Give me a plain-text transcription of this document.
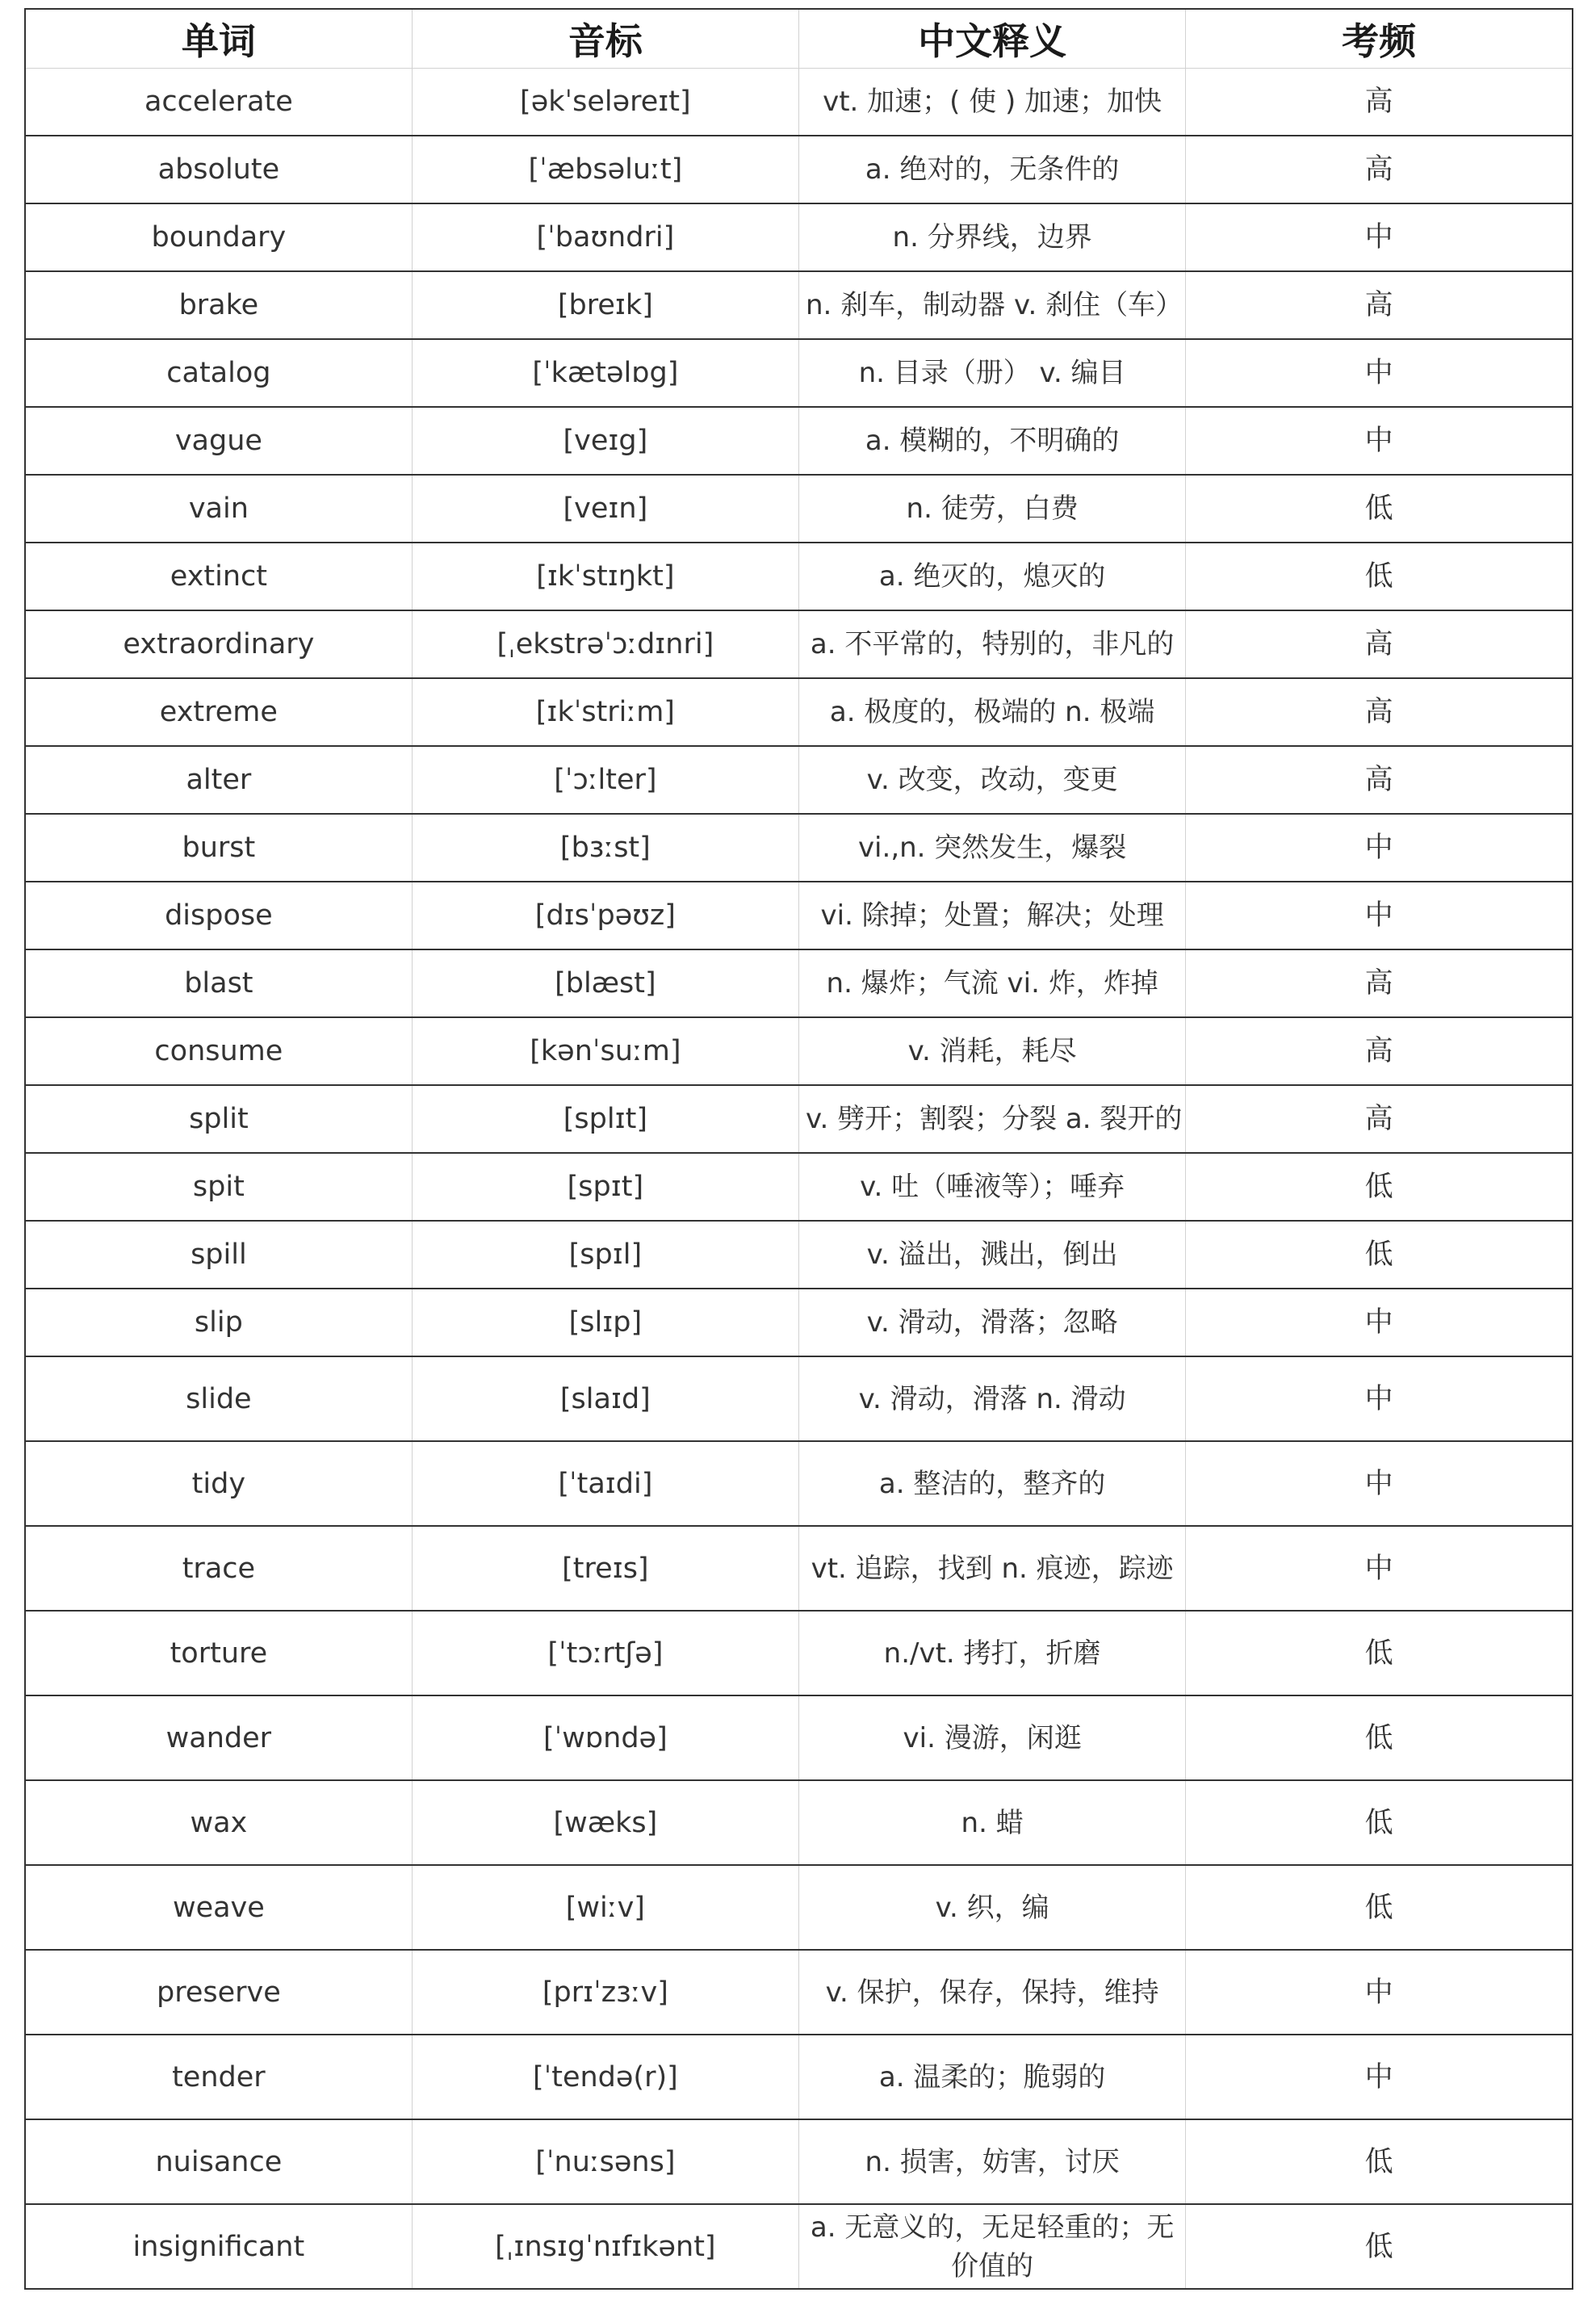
单词	音标	中文释义	考频
accelerate	[əkˈseləreɪt]	vt. 加速；( 使 ) 加速；加快	高
absolute	[ˈæbsəluːt]	a. 绝对的，无条件的	高
boundary	[ˈbaʊndri]	n. 分界线，边界	中
brake	[breɪk]	n. 刹车，制动器 v. 刹住（车）	高
catalog	[ˈkætəlɒg]	n. 目录（册） v. 编目	中
vague	[veɪg]	a. 模糊的，不明确的	中
vain	[veɪn]	n. 徒劳，白费	低
extinct	[ɪkˈstɪŋkt]	a. 绝灭的，熄灭的	低
extraordinary	[ˌekstrəˈɔːdɪnri]	a. 不平常的，特别的，非凡的	高
extreme	[ɪkˈstriːm]	a. 极度的，极端的 n. 极端	高
alter	[ˈɔːlter]	v. 改变，改动，变更	高
burst	[bɜːst]	vi.,n. 突然发生，爆裂	中
dispose	[dɪsˈpəʊz]	vi. 除掉；处置；解决；处理	中
blast	[blæst]	n. 爆炸；气流 vi. 炸，炸掉	高
consume	[kənˈsuːm]	v. 消耗，耗尽	高
split	[splɪt]	v. 劈开；割裂；分裂 a. 裂开的	高
spit	[spɪt]	v. 吐（唾液等）；唾弃	低
spill	[spɪl]	v. 溢出，溅出，倒出	低
slip	[slɪp]	v. 滑动，滑落；忽略	中
slide	[slaɪd]	v. 滑动，滑落 n. 滑动	中
tidy	[ˈtaɪdi]	a. 整洁的，整齐的	中
trace	[treɪs]	vt. 追踪，找到 n. 痕迹，踪迹	中
torture	[ˈtɔːrtʃə]	n./vt. 拷打，折磨	低
wander	[ˈwɒndə]	vi. 漫游，闲逛	低
wax	[wæks]	n. 蜡	低
weave	[wiːv]	v. 织，编	低
preserve	[prɪˈzɜːv]	v. 保护，保存，保持，维持	中
tender	[ˈtendə(r)]	a. 温柔的；脆弱的	中
nuisance	[ˈnuːsəns]	n. 损害，妨害，讨厌	低
insignificant	[ˌɪnsɪgˈnɪfɪkənt]	a. 无意义的，无足轻重的；无价值的	低
